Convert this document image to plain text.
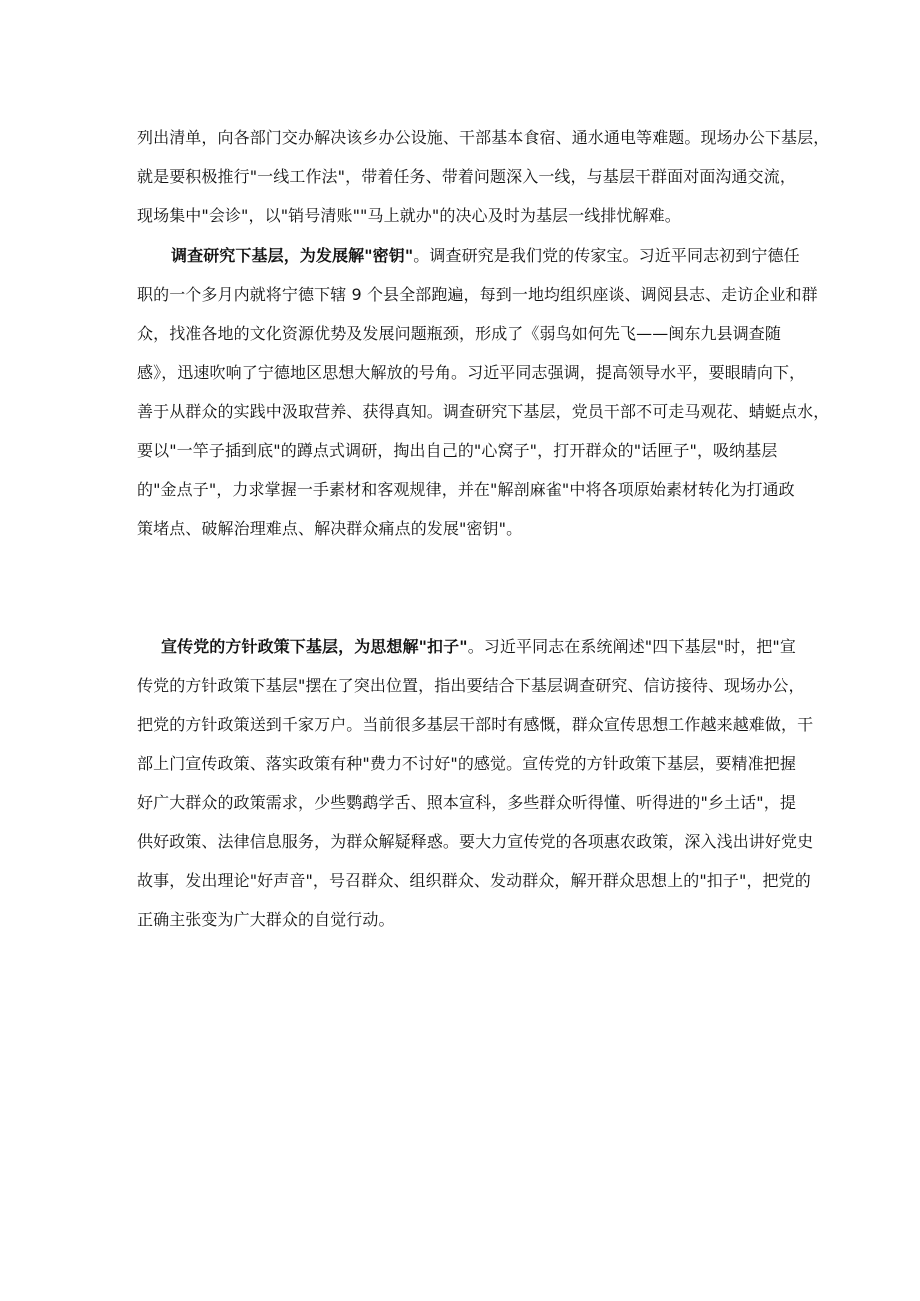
列出清单，向各部门交办解决该乡办公设施、干部基本食宿、通水通电等难题。现场办公下基层，
就是要积极推行"一线工作法"，带着任务、带着问题深入一线，与基层干群面对面沟通交流，
现场集中"会诊"，以"销号清账""马上就办"的决心及时为基层一线排忧解难。
调查研究下基层，为发展解"密钥"。调查研究是我们党的传家宝。习近平同志初到宁德任
职的一个多月内就将宁德下辖 9 个县全部跑遍，每到一地均组织座谈、调阅县志、走访企业和群
众，找准各地的文化资源优势及发展问题瓶颈，形成了《弱鸟如何先飞——闽东九县调查随
感》，迅速吹响了宁德地区思想大解放的号角。习近平同志强调，提高领导水平，要眼睛向下，
善于从群众的实践中汲取营养、获得真知。调查研究下基层，党员干部不可走马观花、蜻蜓点水，
要以"一竿子插到底"的蹲点式调研，掏出自己的"心窝子"，打开群众的"话匣子"，吸纳基层
的"金点子"，力求掌握一手素材和客观规律，并在"解剖麻雀"中将各项原始素材转化为打通政
策堵点、破解治理难点、解决群众痛点的发展"密钥"。
宣传党的方针政策下基层，为思想解"扣子"。习近平同志在系统阐述"四下基层"时，把"宣
传党的方针政策下基层"摆在了突出位置，指出要结合下基层调查研究、信访接待、现场办公，
把党的方针政策送到千家万户。当前很多基层干部时有感慨，群众宣传思想工作越来越难做，干
部上门宣传政策、落实政策有种"费力不讨好"的感觉。宣传党的方针政策下基层，要精准把握
好广大群众的政策需求，少些鹦鹉学舌、照本宣科，多些群众听得懂、听得进的"乡土话"，提
供好政策、法律信息服务，为群众解疑释惑。要大力宣传党的各项惠农政策，深入浅出讲好党史
故事，发出理论"好声音"，号召群众、组织群众、发动群众，解开群众思想上的"扣子"，把党的
正确主张变为广大群众的自觉行动。
